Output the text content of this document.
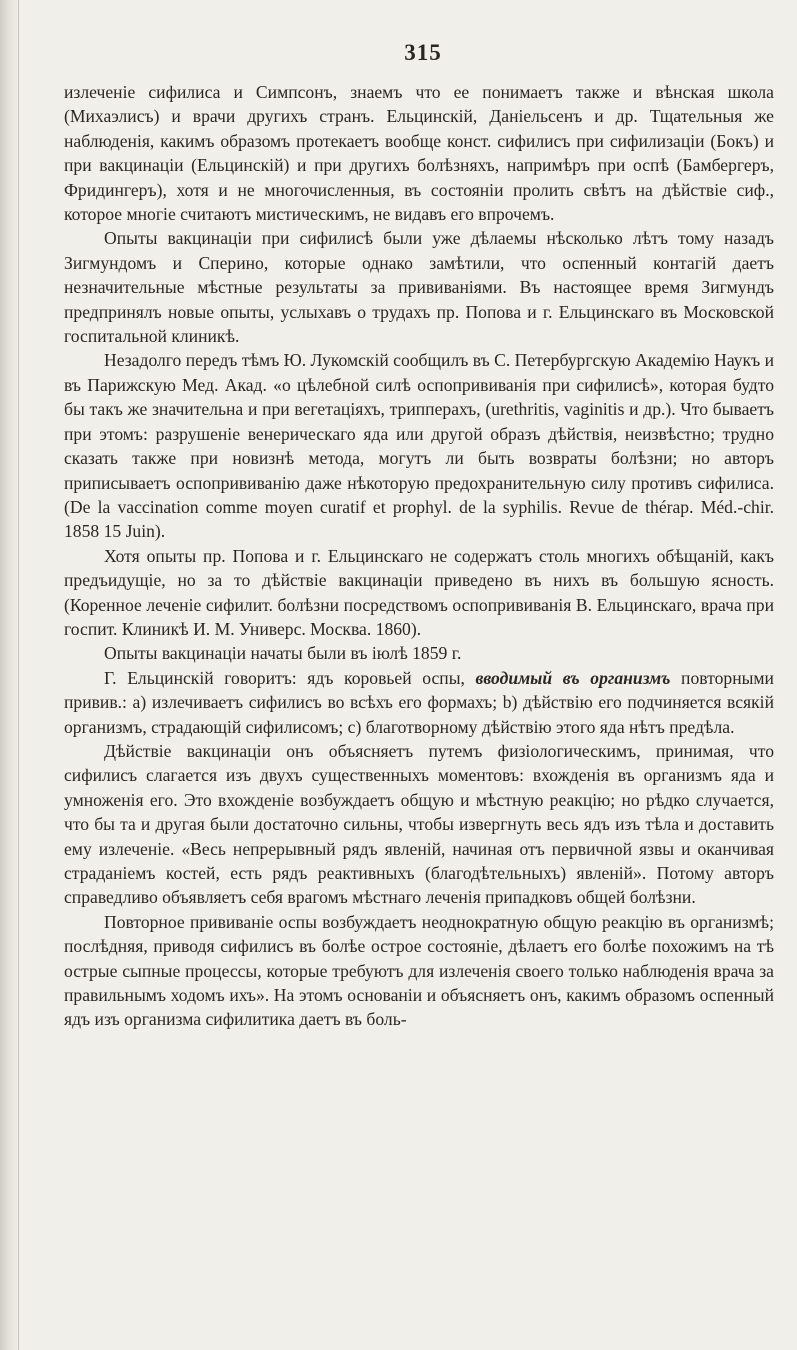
315

излеченіе сифилиса и Симпсонъ, знаемъ что ее понимаетъ также и вѣнская школа (Михаэлисъ) и врачи другихъ странъ. Ельцинскій, Даніельсенъ и др. Тщательныя же наблюденія, какимъ образомъ протекаетъ вообще конст. сифилисъ при сифилизаціи (Бокъ) и при вакцинаціи (Ельцинскій) и при другихъ болѣзняхъ, напримѣръ при оспѣ (Бамбергеръ, Фридингеръ), хотя и не многочисленныя, въ состояніи пролить свѣтъ на дѣйствіе сиф., которое многіе считаютъ мистическимъ, не видавъ его впрочемъ.

Опыты вакцинаціи при сифилисѣ были уже дѣлаемы нѣсколько лѣтъ тому назадъ Зигмундомъ и Сперино, которые однако замѣтили, что оспенный контагій даетъ незначительные мѣстные результаты за прививаніями. Въ настоящее время Зигмундъ предпринялъ новые опыты, услыхавъ о трудахъ пр. Попова и г. Ельцинскаго въ Московской госпитальной клиникѣ.

Незадолго передъ тѣмъ Ю. Лукомскій сообщилъ въ С. Петербургскую Академію Наукъ и въ Парижскую Мед. Акад. «о цѣлебной силѣ оспопрививанія при сифилисѣ», которая будто бы такъ же значительна и при вегетаціяхъ, трипперахъ, (urethritis, vaginitis и др.). Что бываетъ при этомъ: разрушеніе венерическаго яда или другой образъ дѣйствія, неизвѣстно; трудно сказать также при новизнѣ метода, могутъ ли быть возвраты болѣзни; но авторъ приписываетъ оспопрививанію даже нѣкоторую предохранительную силу противъ сифилиса. (De la vaccination comme moyen curatif et prophyl. de la syphilis. Revue de thérap. Méd.-chir. 1858 15 Juin).

Хотя опыты пр. Попова и г. Ельцинскаго не содержатъ столь многихъ обѣщаній, какъ предъидущіе, но за то дѣйствіе вакцинаціи приведено въ нихъ въ большую ясность. (Коренное леченіе сифилит. болѣзни посредствомъ оспопрививанія В. Ельцинскаго, врача при госпит. Клиникѣ И. М. Универс. Москва. 1860).

Опыты вакцинаціи начаты были въ іюлѣ 1859 г.

Г. Ельцинскій говоритъ: ядъ коровьей оспы, вводимый въ организмъ повторными привив.: а) излечиваетъ сифилисъ во всѣхъ его формахъ; b) дѣйствію его подчиняется всякій организмъ, страдающій сифилисомъ; с) благотворному дѣйствію этого яда нѣтъ предѣла.

Дѣйствіе вакцинаціи онъ объясняетъ путемъ физіологическимъ, принимая, что сифилисъ слагается изъ двухъ существенныхъ моментовъ: вхожденія въ организмъ яда и умноженія его. Это вхожденіе возбуждаетъ общую и мѣстную реакцію; но рѣдко случается, что бы та и другая были достаточно сильны, чтобы извергнуть весь ядъ изъ тѣла и доставить ему излеченіе. «Весь непрерывный рядъ явленій, начиная отъ первичной язвы и оканчивая страданіемъ костей, есть рядъ реактивныхъ (благодѣтельныхъ) явленій». Потому авторъ справедливо объявляетъ себя врагомъ мѣстнаго леченія припадковъ общей болѣзни.

Повторное прививаніе оспы возбуждаетъ неоднократную общую реакцію въ организмѣ; послѣдняя, приводя сифилисъ въ болѣе острое состояніе, дѣлаетъ его болѣе похожимъ на тѣ острые сыпные процессы, которые требуютъ для излеченія своего только наблюденія врача за правильнымъ ходомъ ихъ». На этомъ основаніи и объясняетъ онъ, какимъ образомъ оспенный ядъ изъ организма сифилитика даетъ въ боль-
